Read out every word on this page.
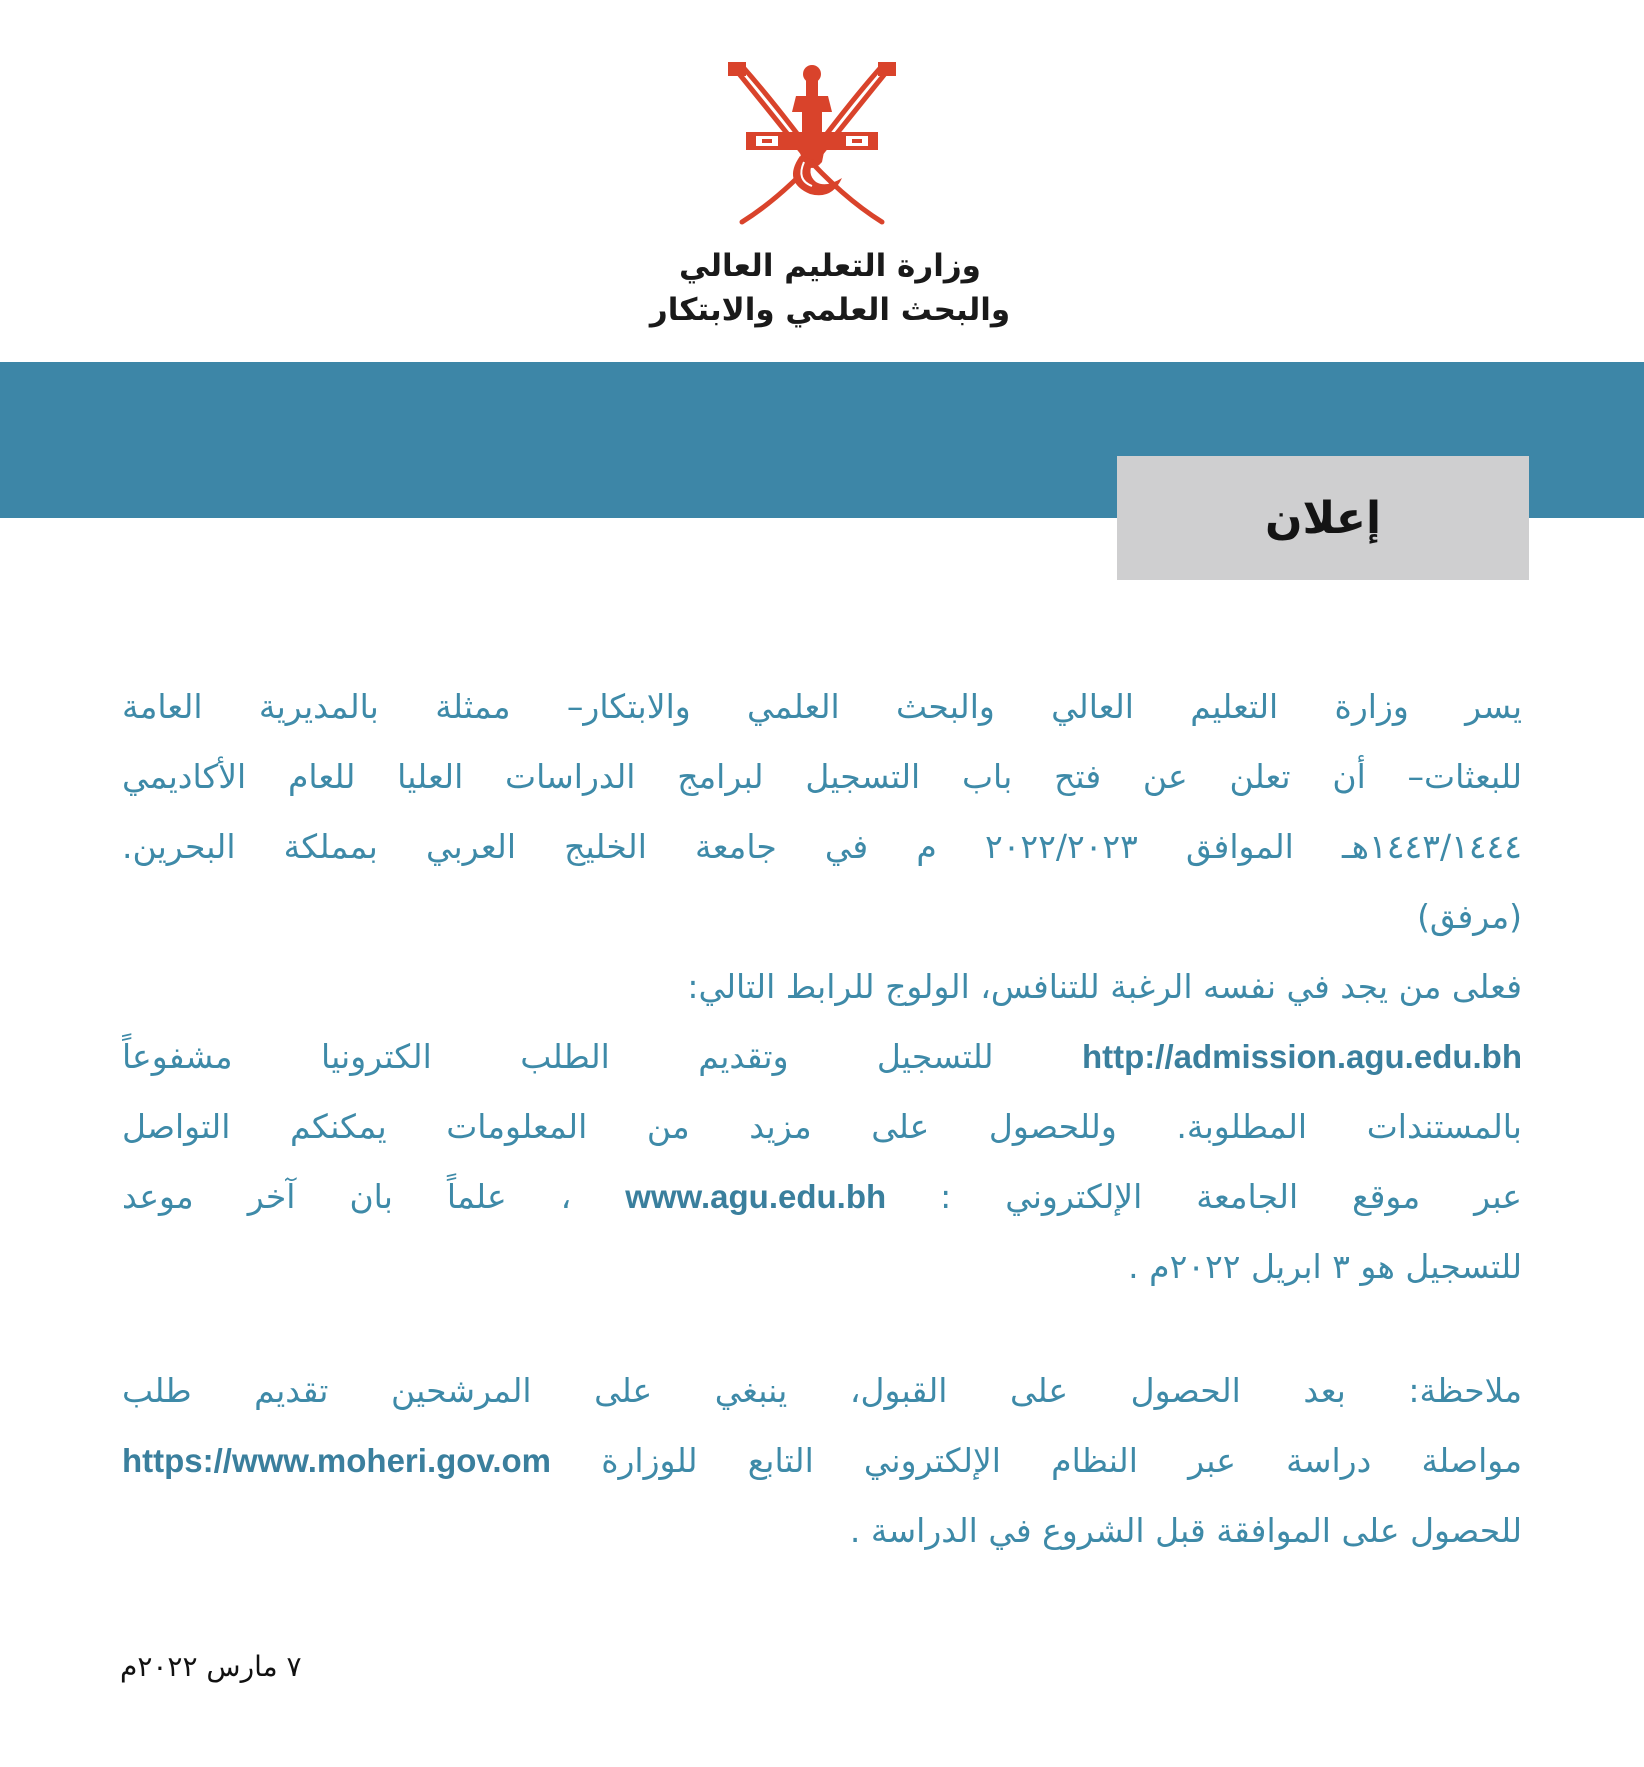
وزارة التعليم العالي
والبحث العلمي والابتكار
إعلان
يسر وزارة التعليم العالي والبحث العلمي والابتكار– ممثلة بالمديرية العامة
للبعثات– أن تعلن عن فتح باب التسجيل لبرامج الدراسات العليا للعام الأكاديمي
١٤٤٣/١٤٤٤هـ الموافق ٢٠٢٢/٢٠٢٣ م في جامعة الخليج العربي بمملكة البحرين.
(مرفق)
فعلى من يجد في نفسه الرغبة للتنافس، الولوج للرابط التالي:
http://admission.agu.edu.bh للتسجيل وتقديم الطلب الكترونيا مشفوعاً
بالمستندات المطلوبة. وللحصول على مزيد من المعلومات يمكنكم التواصل
عبر موقع الجامعة الإلكتروني : www.agu.edu.bh ، علماً بان آخر موعد
للتسجيل هو ٣ ابريل ٢٠٢٢م .
ملاحظة: بعد الحصول على القبول، ينبغي على المرشحين تقديم طلب
مواصلة دراسة عبر النظام الإلكتروني التابع للوزارة https://www.moheri.gov.om
للحصول على الموافقة قبل الشروع في الدراسة .
٧ مارس ٢٠٢٢م
